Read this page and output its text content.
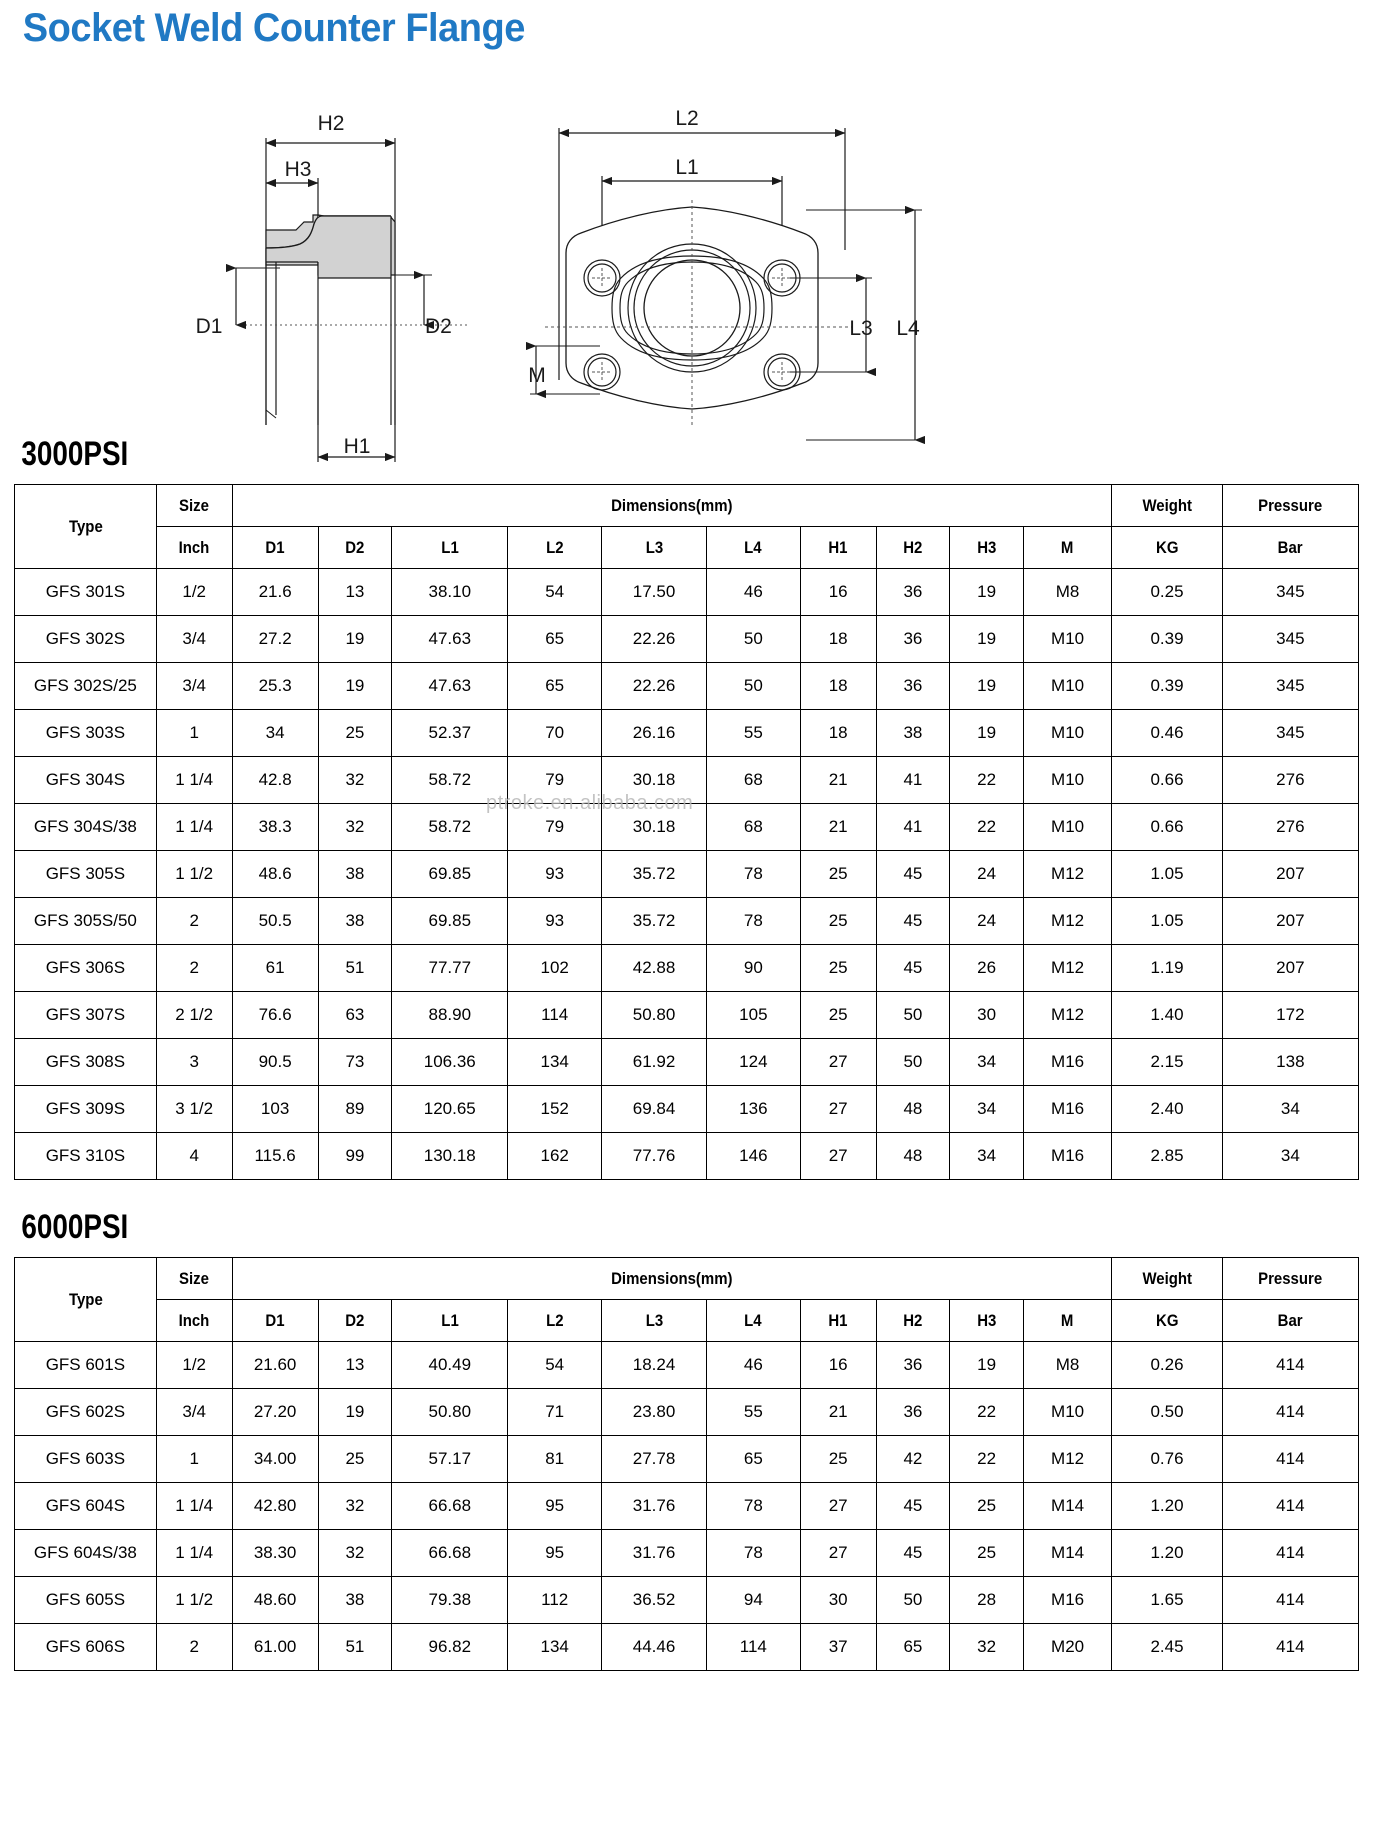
Socket Weld Counter Flange
H2
H3
D1	D2
H1
L2
L1
M
L3 L4
3000PSI
Type	Size	Dimensions(mm)										Weight	Pressure
	Inch	D1	D2	L1	L2	L3	L4	H1	H2	H3	M	KG	Bar
GFS 301S	1/2	21.6	13	38.10	54	17.50	46	16	36	19	M8	0.25	345
GFS 302S	3/4	27.2	19	47.63	65	22.26	50	18	36	19	M10	0.39	345
GFS 302S/25	3/4	25.3	19	47.63	65	22.26	50	18	36	19	M10	0.39	345
GFS 303S	1	34	25	52.37	70	26.16	55	18	38	19	M10	0.46	345
GFS 304S	1 1/4	42.8	32	58.72	79	30.18	68	21	41	22	M10	0.66	276
GFS 304S/38	1 1/4	38.3	32	58.72	79	30.18	68	21	41	22	M10	0.66	276
GFS 305S	1 1/2	48.6	38	69.85	93	35.72	78	25	45	24	M12	1.05	207
GFS 305S/50	2	50.5	38	69.85	93	35.72	78	25	45	24	M12	1.05	207
GFS 306S	2	61	51	77.77	102	42.88	90	25	45	26	M12	1.19	207
GFS 307S	2 1/2	76.6	63	88.90	114	50.80	105	25	50	30	M12	1.40	172
GFS 308S	3	90.5	73	106.36	134	61.92	124	27	50	34	M16	2.15	138
GFS 309S	3 1/2	103	89	120.65	152	69.84	136	27	48	34	M16	2.40	34
GFS 310S	4	115.6	99	130.18	162	77.76	146	27	48	34	M16	2.85	34
6000PSI
Type	Size	Dimensions(mm)										Weight	Pressure
	Inch	D1	D2	L1	L2	L3	L4	H1	H2	H3	M	KG	Bar
GFS 601S	1/2	21.60	13	40.49	54	18.24	46	16	36	19	M8	0.26	414
GFS 602S	3/4	27.20	19	50.80	71	23.80	55	21	36	22	M10	0.50	414
GFS 603S	1	34.00	25	57.17	81	27.78	65	25	42	22	M12	0.76	414
GFS 604S	1 1/4	42.80	32	66.68	95	31.76	78	27	45	25	M14	1.20	414
GFS 604S/38	1 1/4	38.30	32	66.68	95	31.76	78	27	45	25	M14	1.20	414
GFS 605S	1 1/2	48.60	38	79.38	112	36.52	94	30	50	28	M16	1.65	414
GFS 606S	2	61.00	51	96.82	134	44.46	114	37	65	32	M20	2.45	414
ptroke.en.alibaba.com
